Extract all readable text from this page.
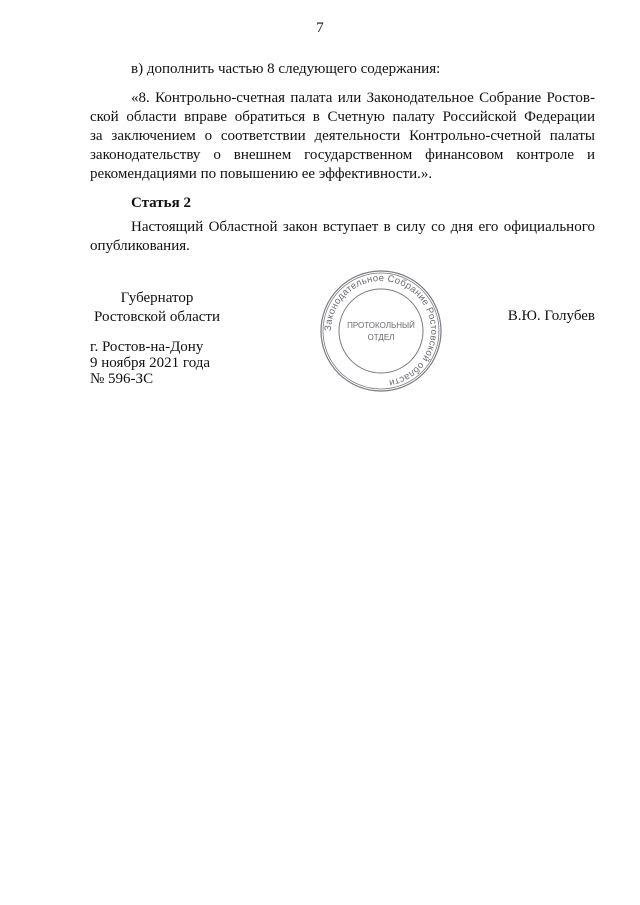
7

в) дополнить частью 8 следующего содержания:

«8. Контрольно-счетная палата или Законодательное Собрание Ростов-
ской области вправе обратиться в Счетную палату Российской Федерации
за заключением о соответствии деятельности Контрольно-счетной палаты
законодательству о внешнем государственном финансовом контроле и
рекомендациями по повышению ее эффективности.».
Статья 2
Настоящий Областной закон вступает в силу со дня его официального
опубликования.
Губернатор
Ростовской области
Законодательное Собрание Ростовской области
ПРОТОКОЛЬНЫЙ
ОТДЕЛ
В.Ю. Голубев
г. Ростов-на-Дону
9 ноября 2021 года
№ 596-ЗС
